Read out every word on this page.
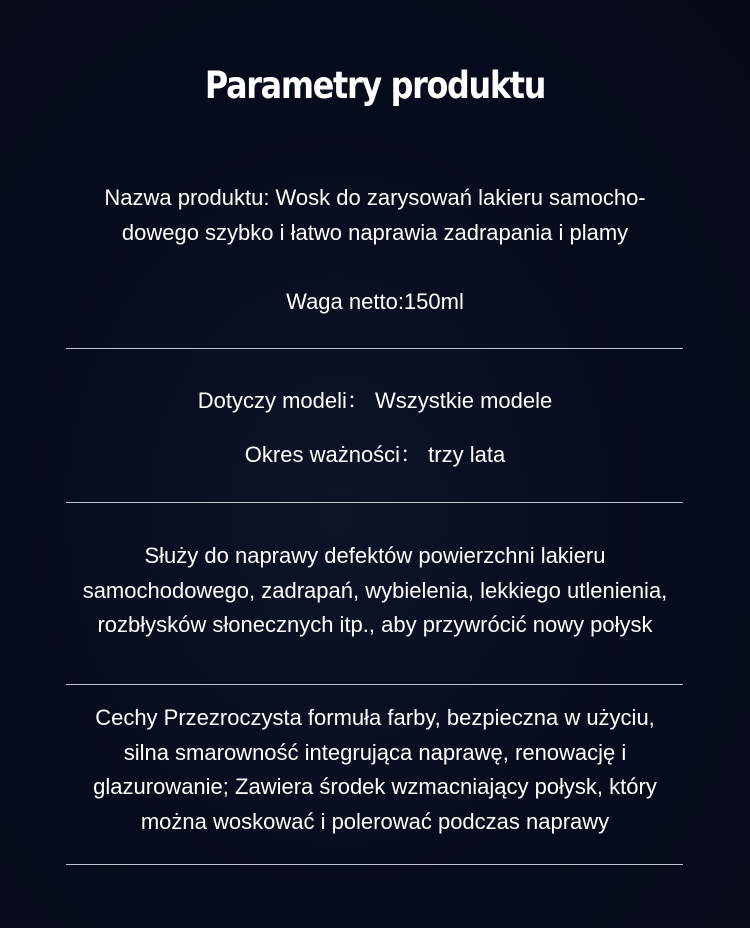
Parametry produktu
Nazwa produktu: Wosk do zarysowań lakieru samocho-
dowego szybko i łatwo naprawia zadrapania i plamy
Waga netto:150ml
Dotyczy modeli： Wszystkie modele
Okres ważności： trzy lata
Służy do naprawy defektów powierzchni lakieru
samochodowego, zadrapań, wybielenia, lekkiego utlenienia,
rozbłysków słonecznych itp., aby przywrócić nowy połysk
Cechy Przezroczysta formuła farby, bezpieczna w użyciu,
silna smarowność integrująca naprawę, renowację i
glazurowanie; Zawiera środek wzmacniający połysk, który
można woskować i polerować podczas naprawy
